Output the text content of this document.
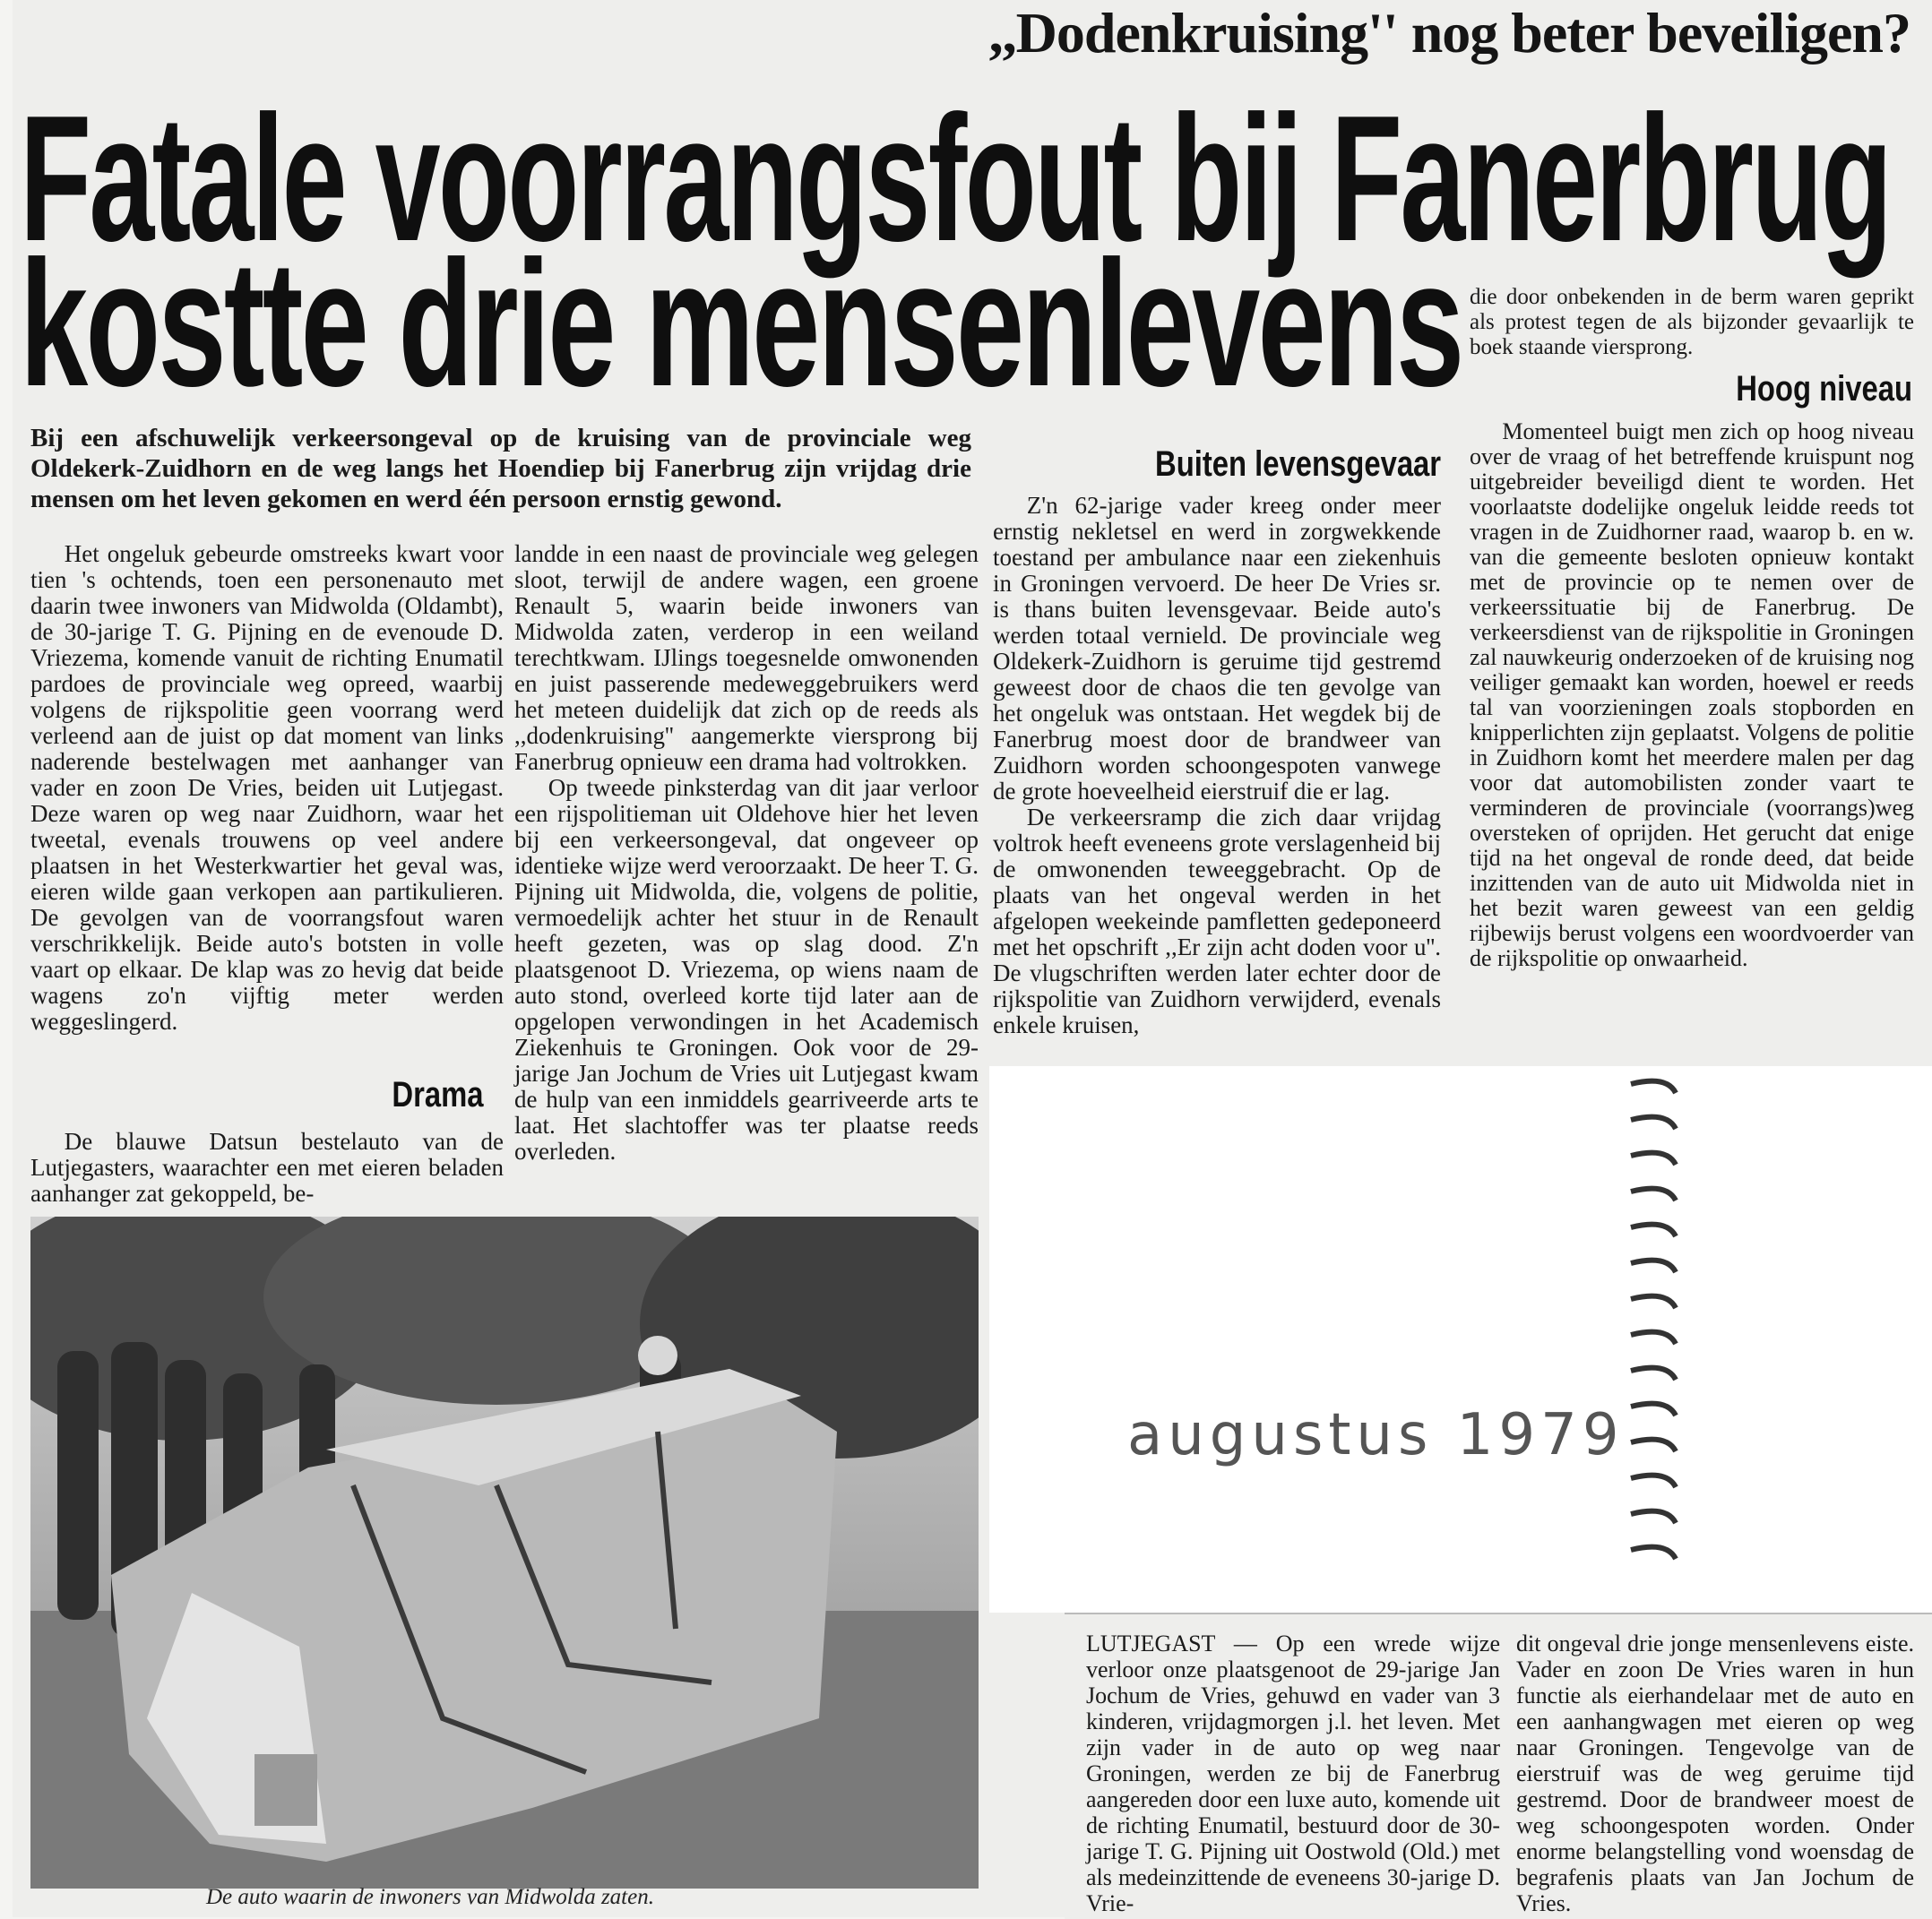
,,Dodenkruising'' nog beter beveiligen?
Fatale voorrangsfout bij Fanerbrug
kostte drie mensenlevens
Bij een afschuwelijk verkeersongeval op de kruising van de provinciale weg Oldekerk-Zuidhorn en de weg langs het Hoendiep bij Fanerbrug zijn vrijdag drie mensen om het leven gekomen en werd één persoon ernstig gewond.

Het ongeluk gebeurde omstreeks kwart voor tien 's ochtends, toen een personenauto met daarin twee inwoners van Midwolda (Oldambt), de 30-jarige T. G. Pijning en de evenoude D. Vriezema, komende vanuit de richting Enumatil pardoes de provinciale weg opreed, waarbij volgens de rijkspolitie geen voorrang werd verleend aan de juist op dat moment van links naderende bestelwagen met aanhanger van vader en zoon De Vries, beiden uit Lutjegast. Deze waren op weg naar Zuidhorn, waar het tweetal, evenals trouwens op veel andere plaatsen in het Westerkwartier het geval was, eieren wilde gaan verkopen aan partikulieren. De gevolgen van de voorrangsfout waren verschrikkelijk. Beide auto's botsten in volle vaart op elkaar. De klap was zo hevig dat beide wagens zo'n vijftig meter werden weggeslingerd.

Drama

De blauwe Datsun bestelauto van de Lutjegasters, waarachter een met eieren beladen aanhanger zat gekoppeld, be-

landde in een naast de provinciale weg gelegen sloot, terwijl de andere wagen, een groene Renault 5, waarin beide inwoners van Midwolda zaten, verderop in een weiland terechtkwam. IJlings toegesnelde omwonenden en juist passerende medeweggebruikers werd het meteen duidelijk dat zich op de reeds als ,,dodenkruising'' aangemerkte viersprong bij Fanerbrug opnieuw een drama had voltrokken.

Op tweede pinksterdag van dit jaar verloor een rijspolitieman uit Oldehove hier het leven bij een verkeersongeval, dat ongeveer op identieke wijze werd veroorzaakt. De heer T. G. Pijning uit Midwolda, die, volgens de politie, vermoedelijk achter het stuur in de Renault heeft gezeten, was op slag dood. Z'n plaatsgenoot D. Vriezema, op wiens naam de auto stond, overleed korte tijd later aan de opgelopen verwondingen in het Academisch Ziekenhuis te Groningen. Ook voor de 29-jarige Jan Jochum de Vries uit Lutjegast kwam de hulp van een inmiddels gearriveerde arts te laat. Het slachtoffer was ter plaatse reeds overleden.

Buiten levensgevaar

Z'n 62-jarige vader kreeg onder meer ernstig nekletsel en werd in zorgwekkende toestand per ambulance naar een ziekenhuis in Groningen vervoerd. De heer De Vries sr. is thans buiten levensgevaar. Beide auto's werden totaal vernield. De provinciale weg Oldekerk-Zuidhorn is geruime tijd gestremd geweest door de chaos die ten gevolge van het ongeluk was ontstaan. Het wegdek bij de Fanerbrug moest door de brandweer van Zuidhorn worden schoongespoten vanwege de grote hoeveelheid eierstruif die er lag.

De verkeersramp die zich daar vrijdag voltrok heeft eveneens grote verslagenheid bij de omwonenden teweeggebracht. Op de plaats van het ongeval werden in het afgelopen weekeinde pamfletten gedeponeerd met het opschrift ,,Er zijn acht doden voor u''. De vlugschriften werden later echter door de rijkspolitie van Zuidhorn verwijderd, evenals enkele kruisen,

die door onbekenden in de berm waren geprikt als protest tegen de als bijzonder gevaarlijk te boek staande viersprong.

Hoog niveau

Momenteel buigt men zich op hoog niveau over de vraag of het betreffende kruispunt nog uitgebreider beveiligd dient te worden. Het voorlaatste dodelijke ongeluk leidde reeds tot vragen in de Zuidhorner raad, waarop b. en w. van die gemeente besloten opnieuw kontakt met de provincie op te nemen over de verkeerssituatie bij de Fanerbrug. De verkeersdienst van de rijkspolitie in Groningen zal nauwkeurig onderzoeken of de kruising nog veiliger gemaakt kan worden, hoewel er reeds tal van voorzieningen zoals stopborden en knipperlichten zijn geplaatst. Volgens de politie in Zuidhorn komt het meerdere malen per dag voor dat automobilisten zonder vaart te verminderen de provinciale (voorrangs)weg oversteken of oprijden. Het gerucht dat enige tijd na het ongeval de ronde deed, dat beide inzittenden van de auto uit Midwolda niet in het bezit waren geweest van een geldig rijbewijs berust volgens een woordvoerder van de rijkspolitie op onwaarheid.

De auto waarin de inwoners van Midwolda zaten.
augustus 1979
LUTJEGAST — Op een wrede wijze verloor onze plaatsgenoot de 29-jarige Jan Jochum de Vries, gehuwd en vader van 3 kinderen, vrijdagmorgen j.l. het leven. Met zijn vader in de auto op weg naar Groningen, werden ze bij de Fanerbrug aangereden door een luxe auto, komende uit de richting Enumatil, bestuurd door de 30-jarige T. G. Pijning uit Oostwold (Old.) met als medeinzittende de eveneens 30-jarige D. Vrie-
dit ongeval drie jonge mensenlevens eiste. Vader en zoon De Vries waren in hun functie als eierhandelaar met de auto en een aanhangwagen met eieren op weg naar Groningen. Tengevolge van de eierstruif was de weg geruime tijd gestremd. Door de brandweer moest de weg schoongespoten worden. Onder enorme belangstelling vond woensdag de begrafenis plaats van Jan Jochum de Vries.
